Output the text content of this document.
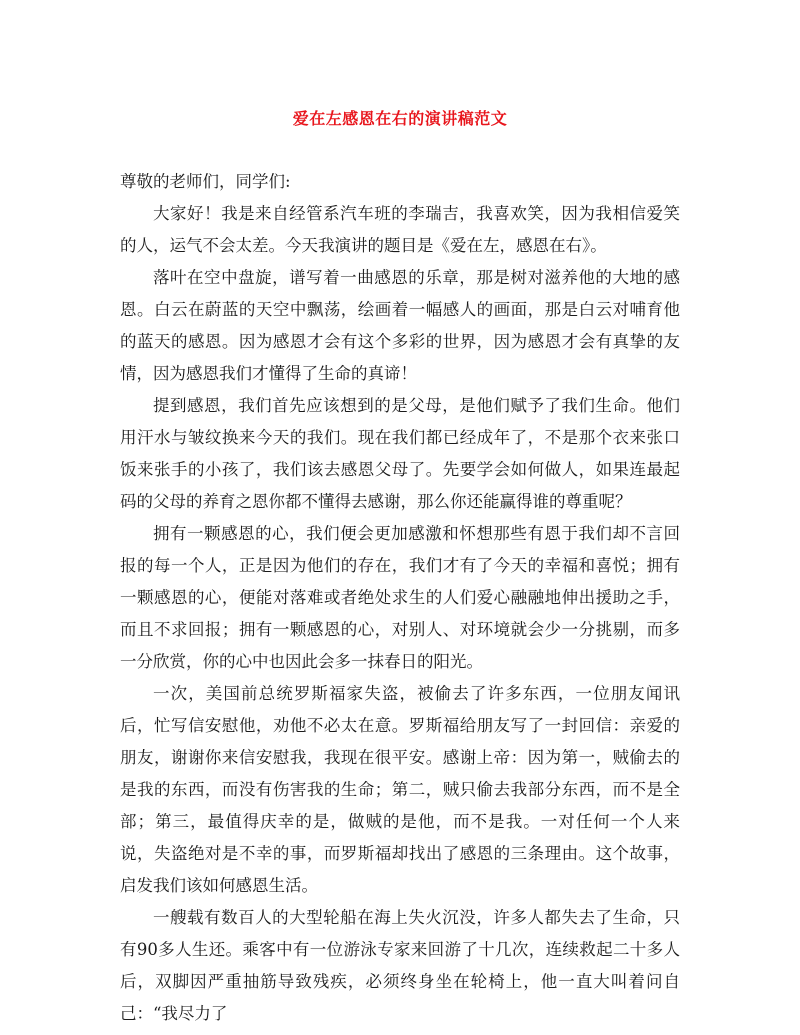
爱在左感恩在右的演讲稿范文

尊敬的老师们，同学们:

大家好！我是来自经管系汽车班的李瑞吉，我喜欢笑，因为我相信爱笑的人，运气不会太差。今天我演讲的题目是《爱在左，感恩在右》。

落叶在空中盘旋，谱写着一曲感恩的乐章，那是树对滋养他的大地的感恩。白云在蔚蓝的天空中飘荡，绘画着一幅感人的画面，那是白云对哺育他的蓝天的感恩。因为感恩才会有这个多彩的世界，因为感恩才会有真挚的友情，因为感恩我们才懂得了生命的真谛！

提到感恩，我们首先应该想到的是父母，是他们赋予了我们生命。他们用汗水与皱纹换来今天的我们。现在我们都已经成年了，不是那个衣来张口饭来张手的小孩了，我们该去感恩父母了。先要学会如何做人，如果连最起码的父母的养育之恩你都不懂得去感谢，那么你还能赢得谁的尊重呢？

拥有一颗感恩的心，我们便会更加感激和怀想那些有恩于我们却不言回报的每一个人，正是因为他们的存在，我们才有了今天的幸福和喜悦；拥有一颗感恩的心，便能对落难或者绝处求生的人们爱心融融地伸出援助之手，而且不求回报；拥有一颗感恩的心，对别人、对环境就会少一分挑剔，而多一分欣赏，你的心中也因此会多一抹春日的阳光。

一次，美国前总统罗斯福家失盗，被偷去了许多东西，一位朋友闻讯后，忙写信安慰他，劝他不必太在意。罗斯福给朋友写了一封回信：亲爱的朋友，谢谢你来信安慰我，我现在很平安。感谢上帝：因为第一，贼偷去的是我的东西，而没有伤害我的生命；第二，贼只偷去我部分东西，而不是全部；第三，最值得庆幸的是，做贼的是他，而不是我。一对任何一个人来说，失盗绝对是不幸的事，而罗斯福却找出了感恩的三条理由。这个故事，启发我们该如何感恩生活。

一艘载有数百人的大型轮船在海上失火沉没，许多人都失去了生命，只有90多人生还。乘客中有一位游泳专家来回游了十几次，连续救起二十多人后，双脚因严重抽筋导致残疾，必须终身坐在轮椅上，他一直大叫着问自己：“我尽力了
